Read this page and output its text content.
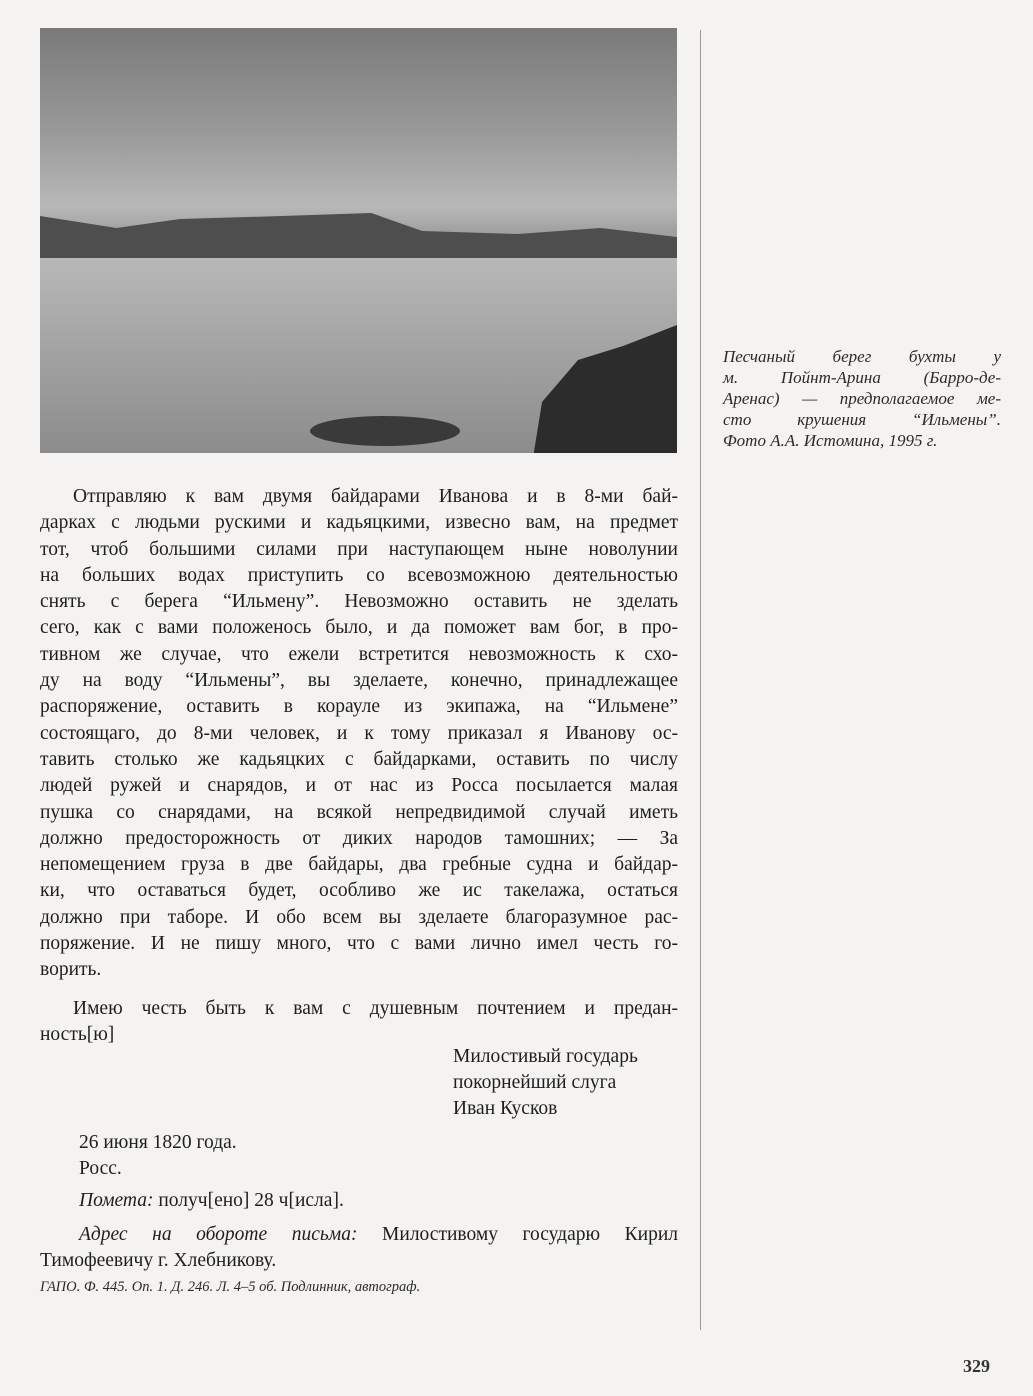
Песчаный берег бухты у
м. Пойнт-Арина (Барро-де-
Аренас) — предполагаемое ме-
сто крушения “Ильмены”.
Фото А.А. Истомина, 1995 г.
Отправляю к вам двумя байдарами Иванова и в 8-ми бай-
дарках с людьми рускими и кадьяцкими, извесно вам, на предмет
тот, чтоб большими силами при наступающем ныне новолунии
на больших водах приступить со всевозможною деятельностью
снять с берега “Ильмену”. Невозможно оставить не зделать
сего, как с вами положенось было, и да поможет вам бог, в про-
тивном же случае, что ежели встретится невозможность к схо-
ду на воду “Ильмены”, вы зделаете, конечно, принадлежащее
распоряжение, оставить в корауле из экипажа, на “Ильмене”
состоящаго, до 8-ми человек, и к тому приказал я Иванову ос-
тавить столько же кадьяцких с байдарками, оставить по числу
людей ружей и снарядов, и от нас из Росса посылается малая
пушка со снарядами, на всякой непредвидимой случай иметь
должно предосторожность от диких народов тамошних; — За
непомещением груза в две байдары, два гребные судна и байдар-
ки, что оставаться будет, особливо же ис такелажа, остаться
должно при таборе. И обо всем вы зделаете благоразумное рас-
поряжение. И не пишу много, что с вами лично имел честь го-
ворить.
Имею честь быть к вам с душевным почтением и предан-
ность[ю]
Милостивый государь
покорнейший слуга
Иван Кусков
26 июня 1820 года.
Росс.
Помета: получ[ено] 28 ч[исла].
Адрес на обороте письма: Милостивому государю Кирил
Тимофеевичу г. Хлебникову.
ГАПО. Ф. 445. Оп. 1. Д. 246. Л. 4–5 об. Подлинник, автограф.
329
